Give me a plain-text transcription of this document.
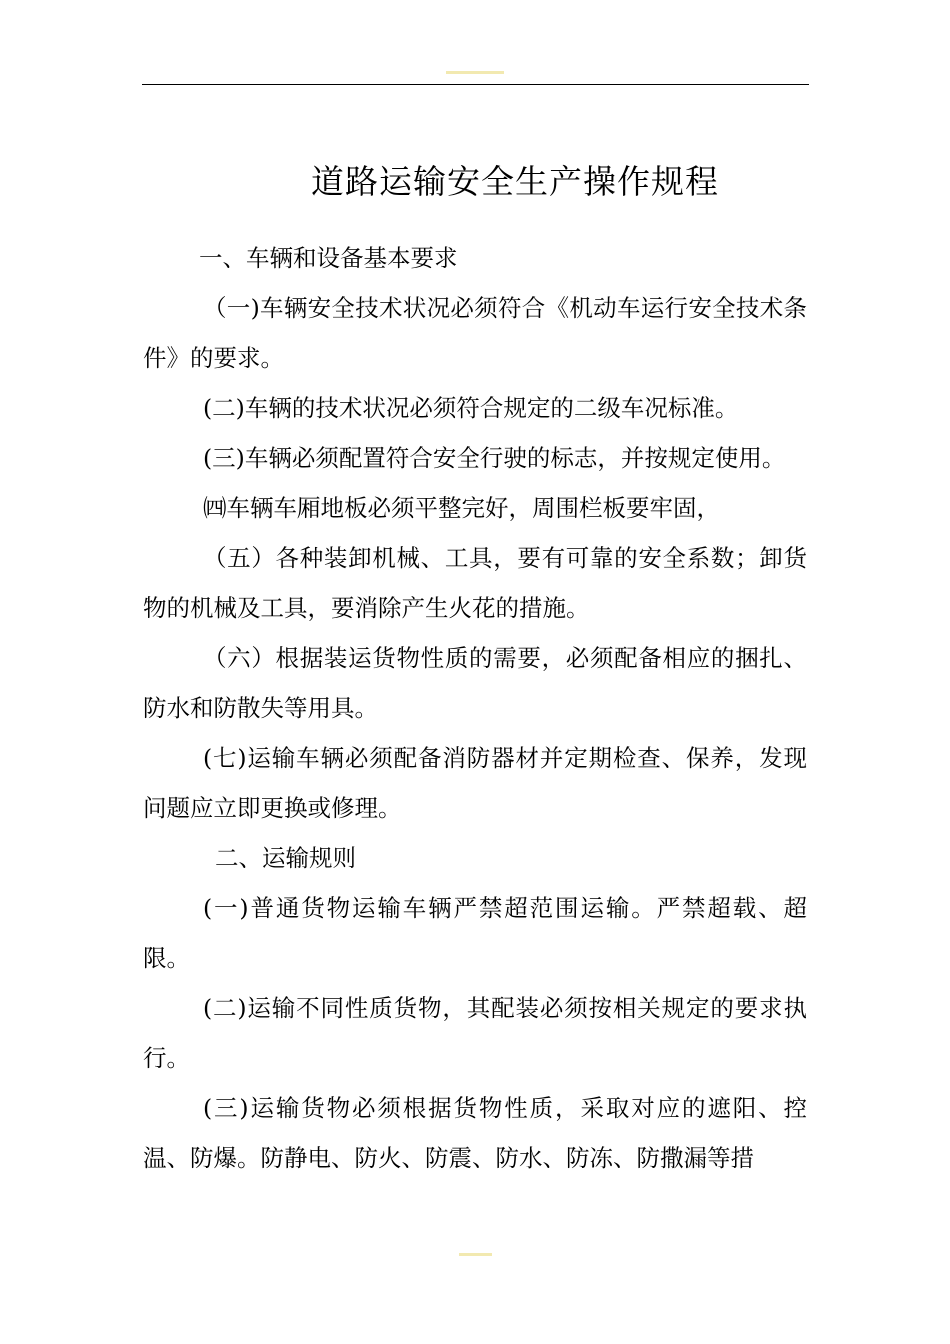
道路运输安全生产操作规程

一、车辆和设备基本要求

（一)车辆安全技术状况必须符合《机动车运行安全技术条件》的要求。

(二)车辆的技术状况必须符合规定的二级车况标准。

(三)车辆必须配置符合安全行驶的标志，并按规定使用。

㈣车辆车厢地板必须平整完好，周围栏板要牢固，

（五）各种装卸机械、工具，要有可靠的安全系数；卸货物的机械及工具，要消除产生火花的措施。

（六）根据装运货物性质的需要，必须配备相应的捆扎、防水和防散失等用具。

(七)运输车辆必须配备消防器材并定期检查、保养，发现问题应立即更换或修理。

二、运输规则

(一)普通货物运输车辆严禁超范围运输。严禁超载、超限。

(二)运输不同性质货物，其配装必须按相关规定的要求执行。

(三)运输货物必须根据货物性质，采取对应的遮阳、控温、防爆。防静电、防火、防震、防水、防冻、防撒漏等措
